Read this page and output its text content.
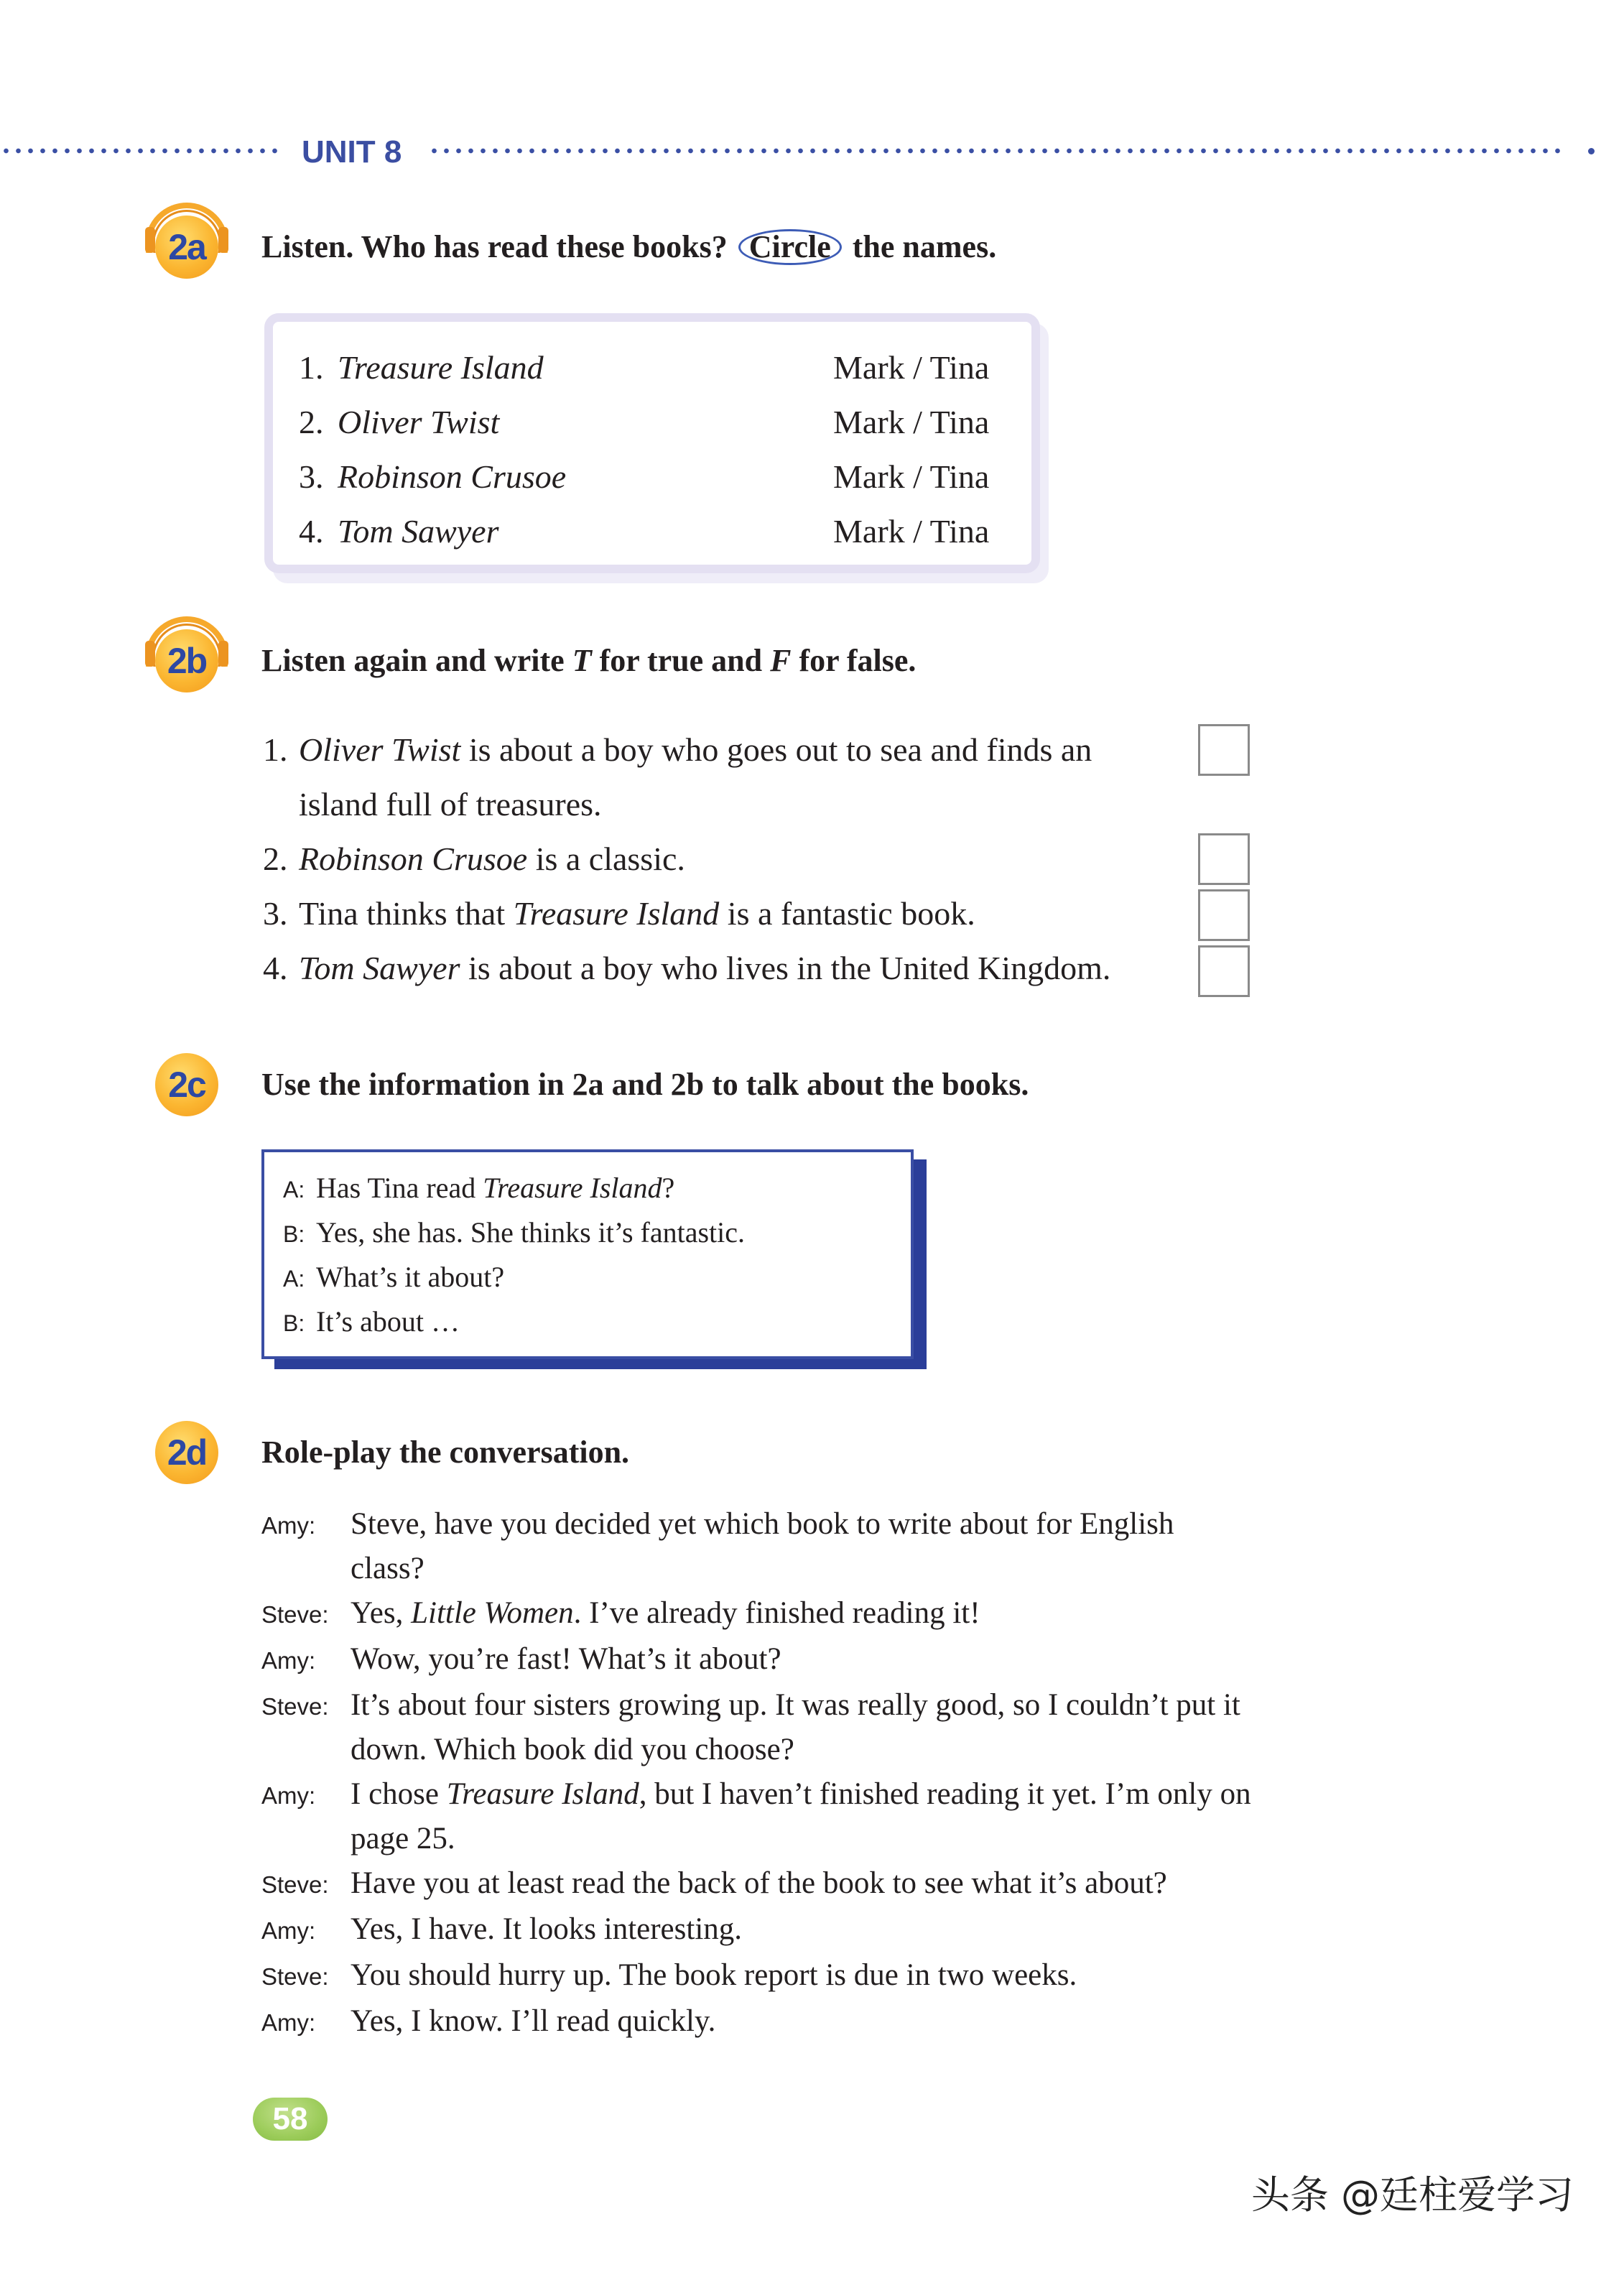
UNIT 8
2a	Listen. Who has read these books? Circle the names.
1. Treasure Island	Mark / Tina
2. Oliver Twist	Mark / Tina
3. Robinson Crusoe	Mark / Tina
4. Tom Sawyer	Mark / Tina
2b	Listen again and write T for true and F for false.
1. Oliver Twist is about a boy who goes out to sea and finds an
island full of treasures.
2. Robinson Crusoe is a classic.
3. Tina thinks that Treasure Island is a fantastic book.
4. Tom Sawyer is about a boy who lives in the United Kingdom.
2c	Use the information in 2a and 2b to talk about the books.
A: Has Tina read Treasure Island?
B: Yes, she has. She thinks it’s fantastic.
A: What’s it about?
B: It’s about …
2d	Role-play the conversation.
Amy:	Steve, have you decided yet which book to write about for English
class?
Steve: Yes, Little Women. I’ve already finished reading it!
Amy:	Wow, you’re fast! What’s it about?
Steve: It’s about four sisters growing up. It was really good, so I couldn’t put it
down. Which book did you choose?
Amy:	I chose Treasure Island, but I haven’t finished reading it yet. I’m only on
page 25.
Steve: Have you at least read the back of the book to see what it’s about?
Amy:	Yes, I have. It looks interesting.
Steve: You should hurry up. The book report is due in two weeks.
Amy:	Yes, I know. I’ll read quickly.
58
头条 @廷柱爱学习
